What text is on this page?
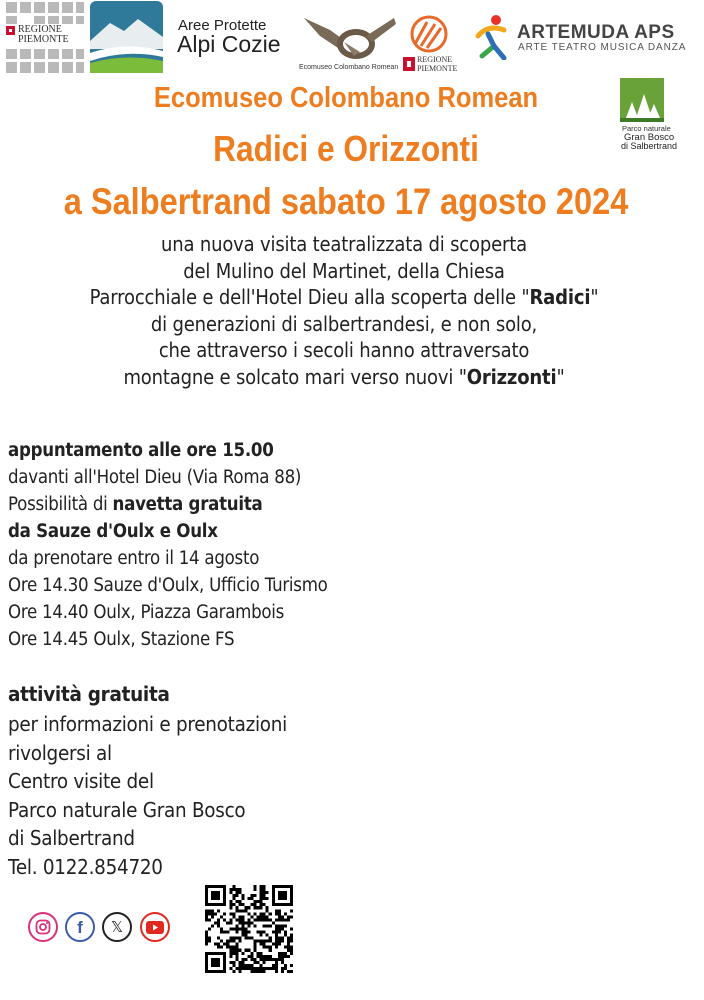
REGIONE
PIEMONTE
Aree Protette
Alpi Cozie
Ecomuseo Colombano Romean
REGIONE
PIEMONTE
ARTEMUDA APS
ARTE TEATRO MUSICA DANZA
Parco naturale
Gran Bosco
di Salbertrand
Ecomuseo Colombano Romean
Radici e Orizzonti
a Salbertrand sabato 17 agosto 2024
una nuova visita teatralizzata di scoperta
del Mulino del Martinet, della Chiesa
Parrocchiale e dell'Hotel Dieu alla scoperta delle "Radici"
di generazioni di salbertrandesi, e non solo,
che attraverso i secoli hanno attraversato
montagne e solcato mari verso nuovi "Orizzonti"
appuntamento alle ore 15.00
davanti all'Hotel Dieu (Via Roma 88)
Possibilità di navetta gratuita
da Sauze d'Oulx e Oulx
da prenotare entro il 14 agosto
Ore 14.30 Sauze d'Oulx, Ufficio Turismo
Ore 14.40 Oulx, Piazza Garambois
Ore 14.45 Oulx, Stazione FS
attività gratuita
per informazioni e prenotazioni
rivolgersi al
Centro visite del
Parco naturale Gran Bosco
di Salbertrand
Tel. 0122.854720
f 𝕏
